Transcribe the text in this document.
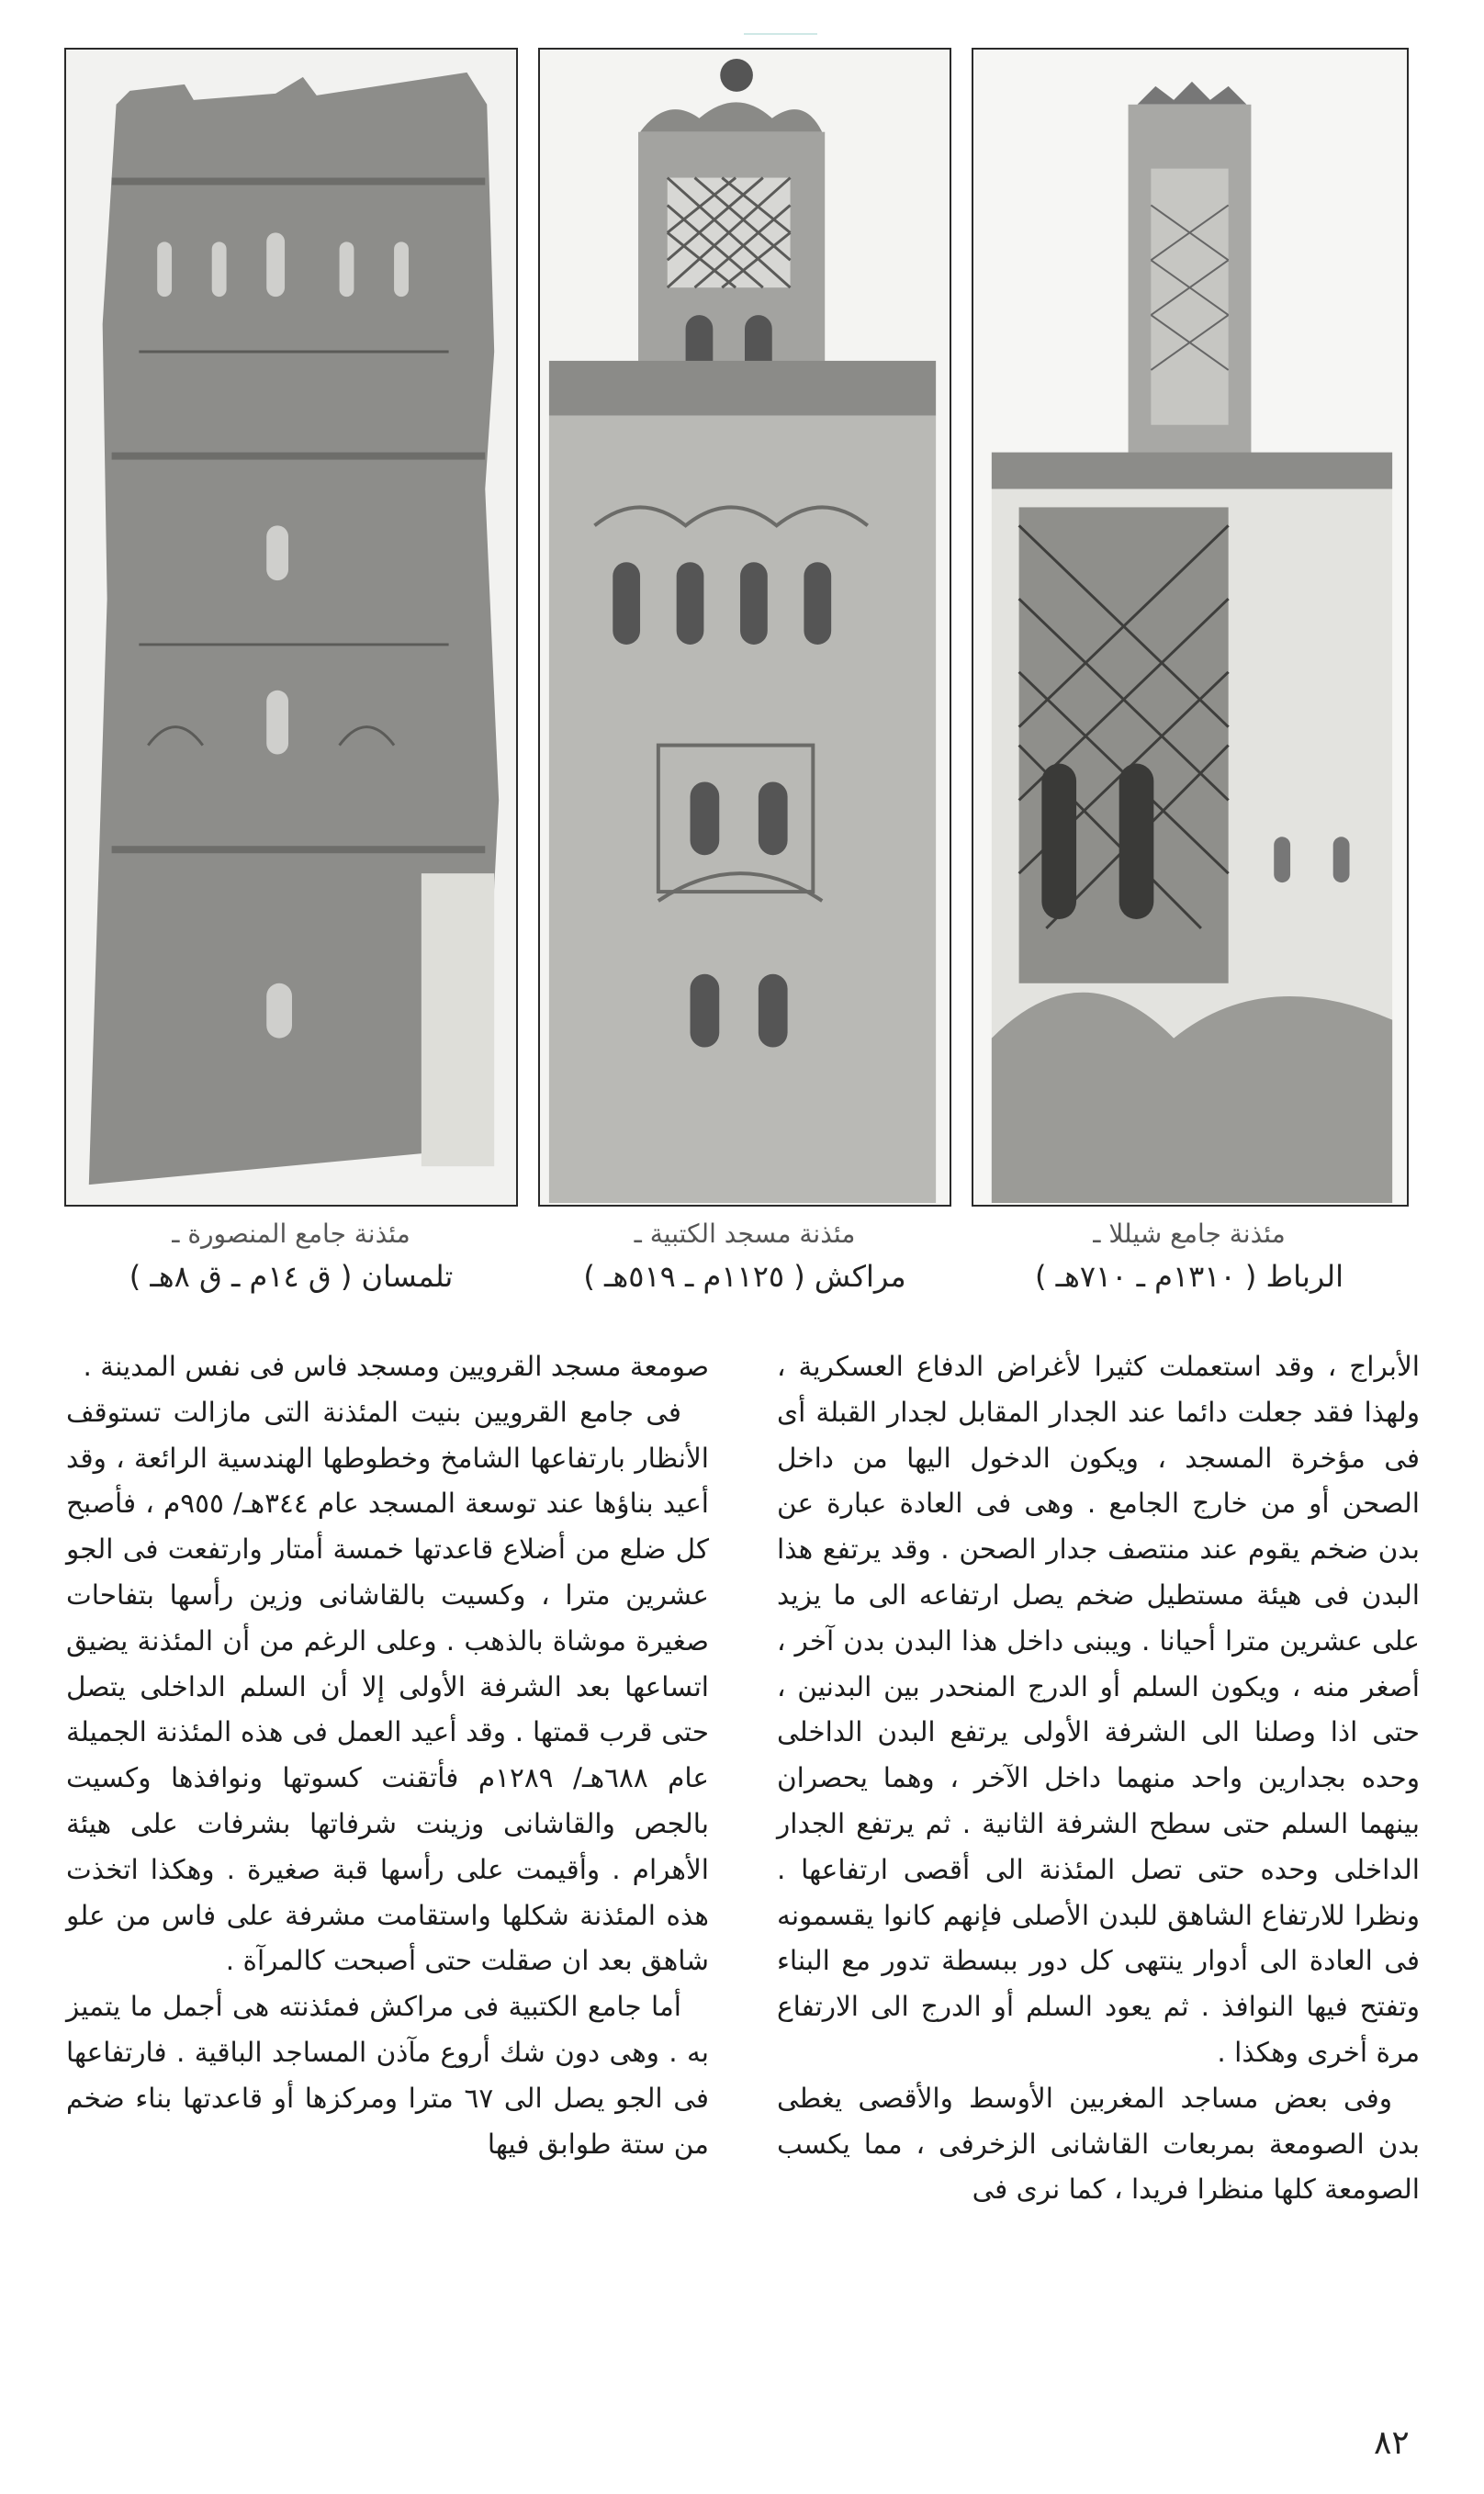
مئذنة جامع المنصورة ـ
تلمسان ( ق ١٤م ـ ق ٨هـ )
مئذنة مسجد الكتبية ـ
مراكش ( ١١٢٥م ـ ٥١٩هـ )
مئذنة جامع شيللا ـ
الرباط ( ١٣١٠م ـ ٧١٠هـ )

الأبراج ، وقد استعملت كثيرا لأغراض الدفاع العسكرية ، ولهذا فقد جعلت دائما عند الجدار المقابل لجدار القبلة أى فى مؤخرة المسجد ، ويكون الدخول اليها من داخل الصحن أو من خارج الجامع . وهى فى العادة عبارة عن بدن ضخم يقوم عند منتصف جدار الصحن . وقد يرتفع هذا البدن فى هيئة مستطيل ضخم يصل ارتفاعه الى ما يزيد على عشرين مترا أحيانا . ويبنى داخل هذا البدن بدن آخر ، أصغر منه ، ويكون السلم أو الدرج المنحدر بين البدنين ، حتى اذا وصلنا الى الشرفة الأولى يرتفع البدن الداخلى وحده بجدارين واحد منهما داخل الآخر ، وهما يحصران بينهما السلم حتى سطح الشرفة الثانية . ثم يرتفع الجدار الداخلى وحده حتى تصل المئذنة الى أقصى ارتفاعها . ونظرا للارتفاع الشاهق للبدن الأصلى فإنهم كانوا يقسمونه فى العادة الى أدوار ينتهى كل دور ببسطة تدور مع البناء وتفتح فيها النوافذ . ثم يعود السلم أو الدرج الى الارتفاع مرة أخرى وهكذا .

وفى بعض مساجد المغربين الأوسط والأقصى يغطى بدن الصومعة بمربعات القاشانى الزخرفى ، مما يكسب الصومعة كلها منظرا فريدا ، كما نرى فى

صومعة مسجد القرويين ومسجد فاس فى نفس المدينة .

فى جامع القرويين بنيت المئذنة التى مازالت تستوقف الأنظار بارتفاعها الشامخ وخطوطها الهندسية الرائعة ، وقد أعيد بناؤها عند توسعة المسجد عام ٣٤٤هـ/ ٩٥٥م ، فأصبح كل ضلع من أضلاع قاعدتها خمسة أمتار وارتفعت فى الجو عشرين مترا ، وكسيت بالقاشانى وزين رأسها بتفاحات صغيرة موشاة بالذهب . وعلى الرغم من أن المئذنة يضيق اتساعها بعد الشرفة الأولى إلا أن السلم الداخلى يتصل حتى قرب قمتها . وقد أعيد العمل فى هذه المئذنة الجميلة عام ٦٨٨هـ/ ١٢٨٩م فأتقنت كسوتها ونوافذها وكسيت بالجص والقاشانى وزينت شرفاتها بشرفات على هيئة الأهرام . وأقيمت على رأسها قبة صغيرة . وهكذا اتخذت هذه المئذنة شكلها واستقامت مشرفة على فاس من علو شاهق بعد ان صقلت حتى أصبحت كالمرآة .

أما جامع الكتبية فى مراكش فمئذنته هى أجمل ما يتميز به . وهى دون شك أروع مآذن المساجد الباقية . فارتفاعها فى الجو يصل الى ٦٧ مترا ومركزها أو قاعدتها بناء ضخم من ستة طوابق فيها

٨٢
